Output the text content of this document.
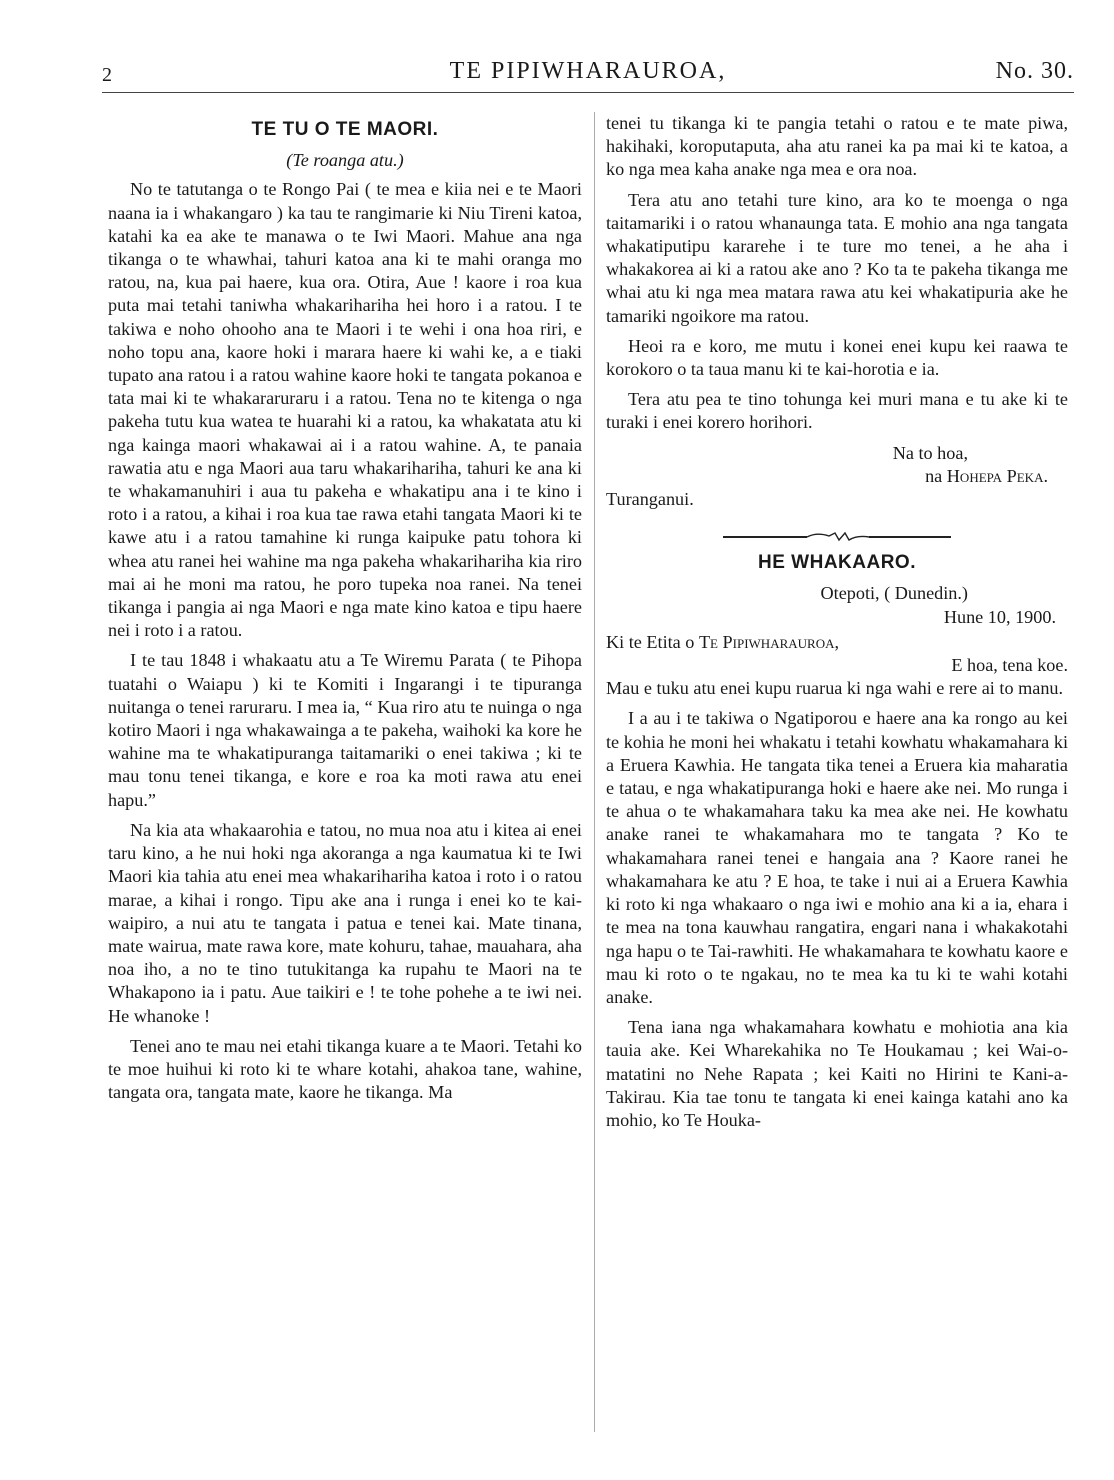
2	TE PIPIWHARAUROA,	No. 30.
TE TU O TE MAORI.

(Te roanga atu.)

No te tatutanga o te Rongo Pai ( te mea e kiia nei e te Maori naana ia i whakangaro ) ka tau te rangimarie ki Niu Tireni katoa, katahi ka ea ake te manawa o te Iwi Maori. Mahue ana nga tikanga o te whawhai, tahuri katoa ana ki te mahi oranga mo ratou, na, kua pai haere, kua ora. Otira, Aue ! kaore i roa kua puta mai tetahi taniwha whakarihariha hei horo i a ratou. I te takiwa e noho ohooho ana te Maori i te wehi i ona hoa riri, e noho topu ana, kaore hoki i marara haere ki wahi ke, a e tiaki tupato ana ratou i a ratou wahine kaore hoki te tangata pokanoa e tata mai ki te whakararuraru i a ratou. Tena no te kitenga o nga pakeha tutu kua watea te huarahi ki a ratou, ka whakatata atu ki nga kainga maori whakawai ai i a ratou wahine. A, te panaia rawatia atu e nga Maori aua taru whakarihariha, tahuri ke ana ki te whakamanuhiri i aua tu pakeha e whakatipu ana i te kino i roto i a ratou, a kihai i roa kua tae rawa etahi tangata Maori ki te kawe atu i a ratou tamahine ki runga kaipuke patu tohora ki whea atu ranei hei wahine ma nga pakeha whakarihariha kia riro mai ai he moni ma ratou, he poro tupeka noa ranei. Na tenei tikanga i pangia ai nga Maori e nga mate kino katoa e tipu haere nei i roto i a ratou.

I te tau 1848 i whakaatu atu a Te Wiremu Parata ( te Pihopa tuatahi o Waiapu ) ki te Komiti i Ingarangi i te tipuranga nuitanga o tenei raruraru. I mea ia, “ Kua riro atu te nuinga o nga kotiro Maori i nga whakawainga a te pakeha, waihoki ka kore he wahine ma te whakatipuranga taitamariki o enei takiwa ; ki te mau tonu tenei tikanga, e kore e roa ka moti rawa atu enei hapu.”

Na kia ata whakaarohia e tatou, no mua noa atu i kitea ai enei taru kino, a he nui hoki nga akoranga a nga kaumatua ki te Iwi Maori kia tahia atu enei mea whakarihariha katoa i roto i o ratou marae, a kihai i rongo. Tipu ake ana i runga i enei ko te kai-waipiro, a nui atu te tangata i patua e tenei kai. Mate tinana, mate wairua, mate rawa kore, mate kohuru, tahae, mauahara, aha noa iho, a no te tino tutukitanga ka rupahu te Maori na te Whakapono ia i patu. Aue taikiri e ! te tohe pohehe a te iwi nei. He whanoke !

Tenei ano te mau nei etahi tikanga kuare a te Maori. Tetahi ko te moe huihui ki roto ki te whare kotahi, ahakoa tane, wahine, tangata ora, tangata mate, kaore he tikanga. Ma

tenei tu tikanga ki te pangia tetahi o ratou e te mate piwa, hakihaki, koroputaputa, aha atu ranei ka pa mai ki te katoa, a ko nga mea kaha anake nga mea e ora noa.

Tera atu ano tetahi ture kino, ara ko te moenga o nga taitamariki i o ratou whanaunga tata. E mohio ana nga tangata whakatiputipu kararehe i te ture mo tenei, a he aha i whakakorea ai ki a ratou ake ano ? Ko ta te pakeha tikanga me whai atu ki nga mea matara rawa atu kei whakatipuria ake he tamariki ngoikore ma ratou.

Heoi ra e koro, me mutu i konei enei kupu kei raawa te korokoro o ta taua manu ki te kai-horotia e ia.

Tera atu pea te tino tohunga kei muri mana e tu ake ki te turaki i enei korero horihori.

Na to hoa,

na Hohepa Peka.

Turanganui.

HE WHAKAARO.

Otepoti, ( Dunedin.)

Hune 10, 1900.

Ki te Etita o Te Pipiwharauroa,

E hoa, tena koe.

Mau e tuku atu enei kupu ruarua ki nga wahi e rere ai to manu.

I a au i te takiwa o Ngatiporou e haere ana ka rongo au kei te kohia he moni hei whakatu i tetahi kowhatu whakamahara ki a Eruera Kawhia. He tangata tika tenei a Eruera kia maharatia e tatau, e nga whakatipuranga hoki e haere ake nei. Mo runga i te ahua o te whakamahara taku ka mea ake nei. He kowhatu anake ranei te whakamahara mo te tangata ? Ko te whakamahara ranei tenei e hangaia ana ? Kaore ranei he whakamahara ke atu ? E hoa, te take i nui ai a Eruera Kawhia ki roto ki nga whakaaro o nga iwi e mohio ana ki a ia, ehara i te mea na tona kauwhau rangatira, engari nana i whakakotahi nga hapu o te Tai-rawhiti. He whakamahara te kowhatu kaore e mau ki roto o te ngakau, no te mea ka tu ki te wahi kotahi anake.

Tena iana nga whakamahara kowhatu e mohiotia ana kia tauia ake. Kei Wharekahika no Te Houkamau ; kei Wai-o-matatini no Nehe Rapata ; kei Kaiti no Hirini te Kani-a-Takirau. Kia tae tonu te tangata ki enei kainga katahi ano ka mohio, ko Te Houka-
